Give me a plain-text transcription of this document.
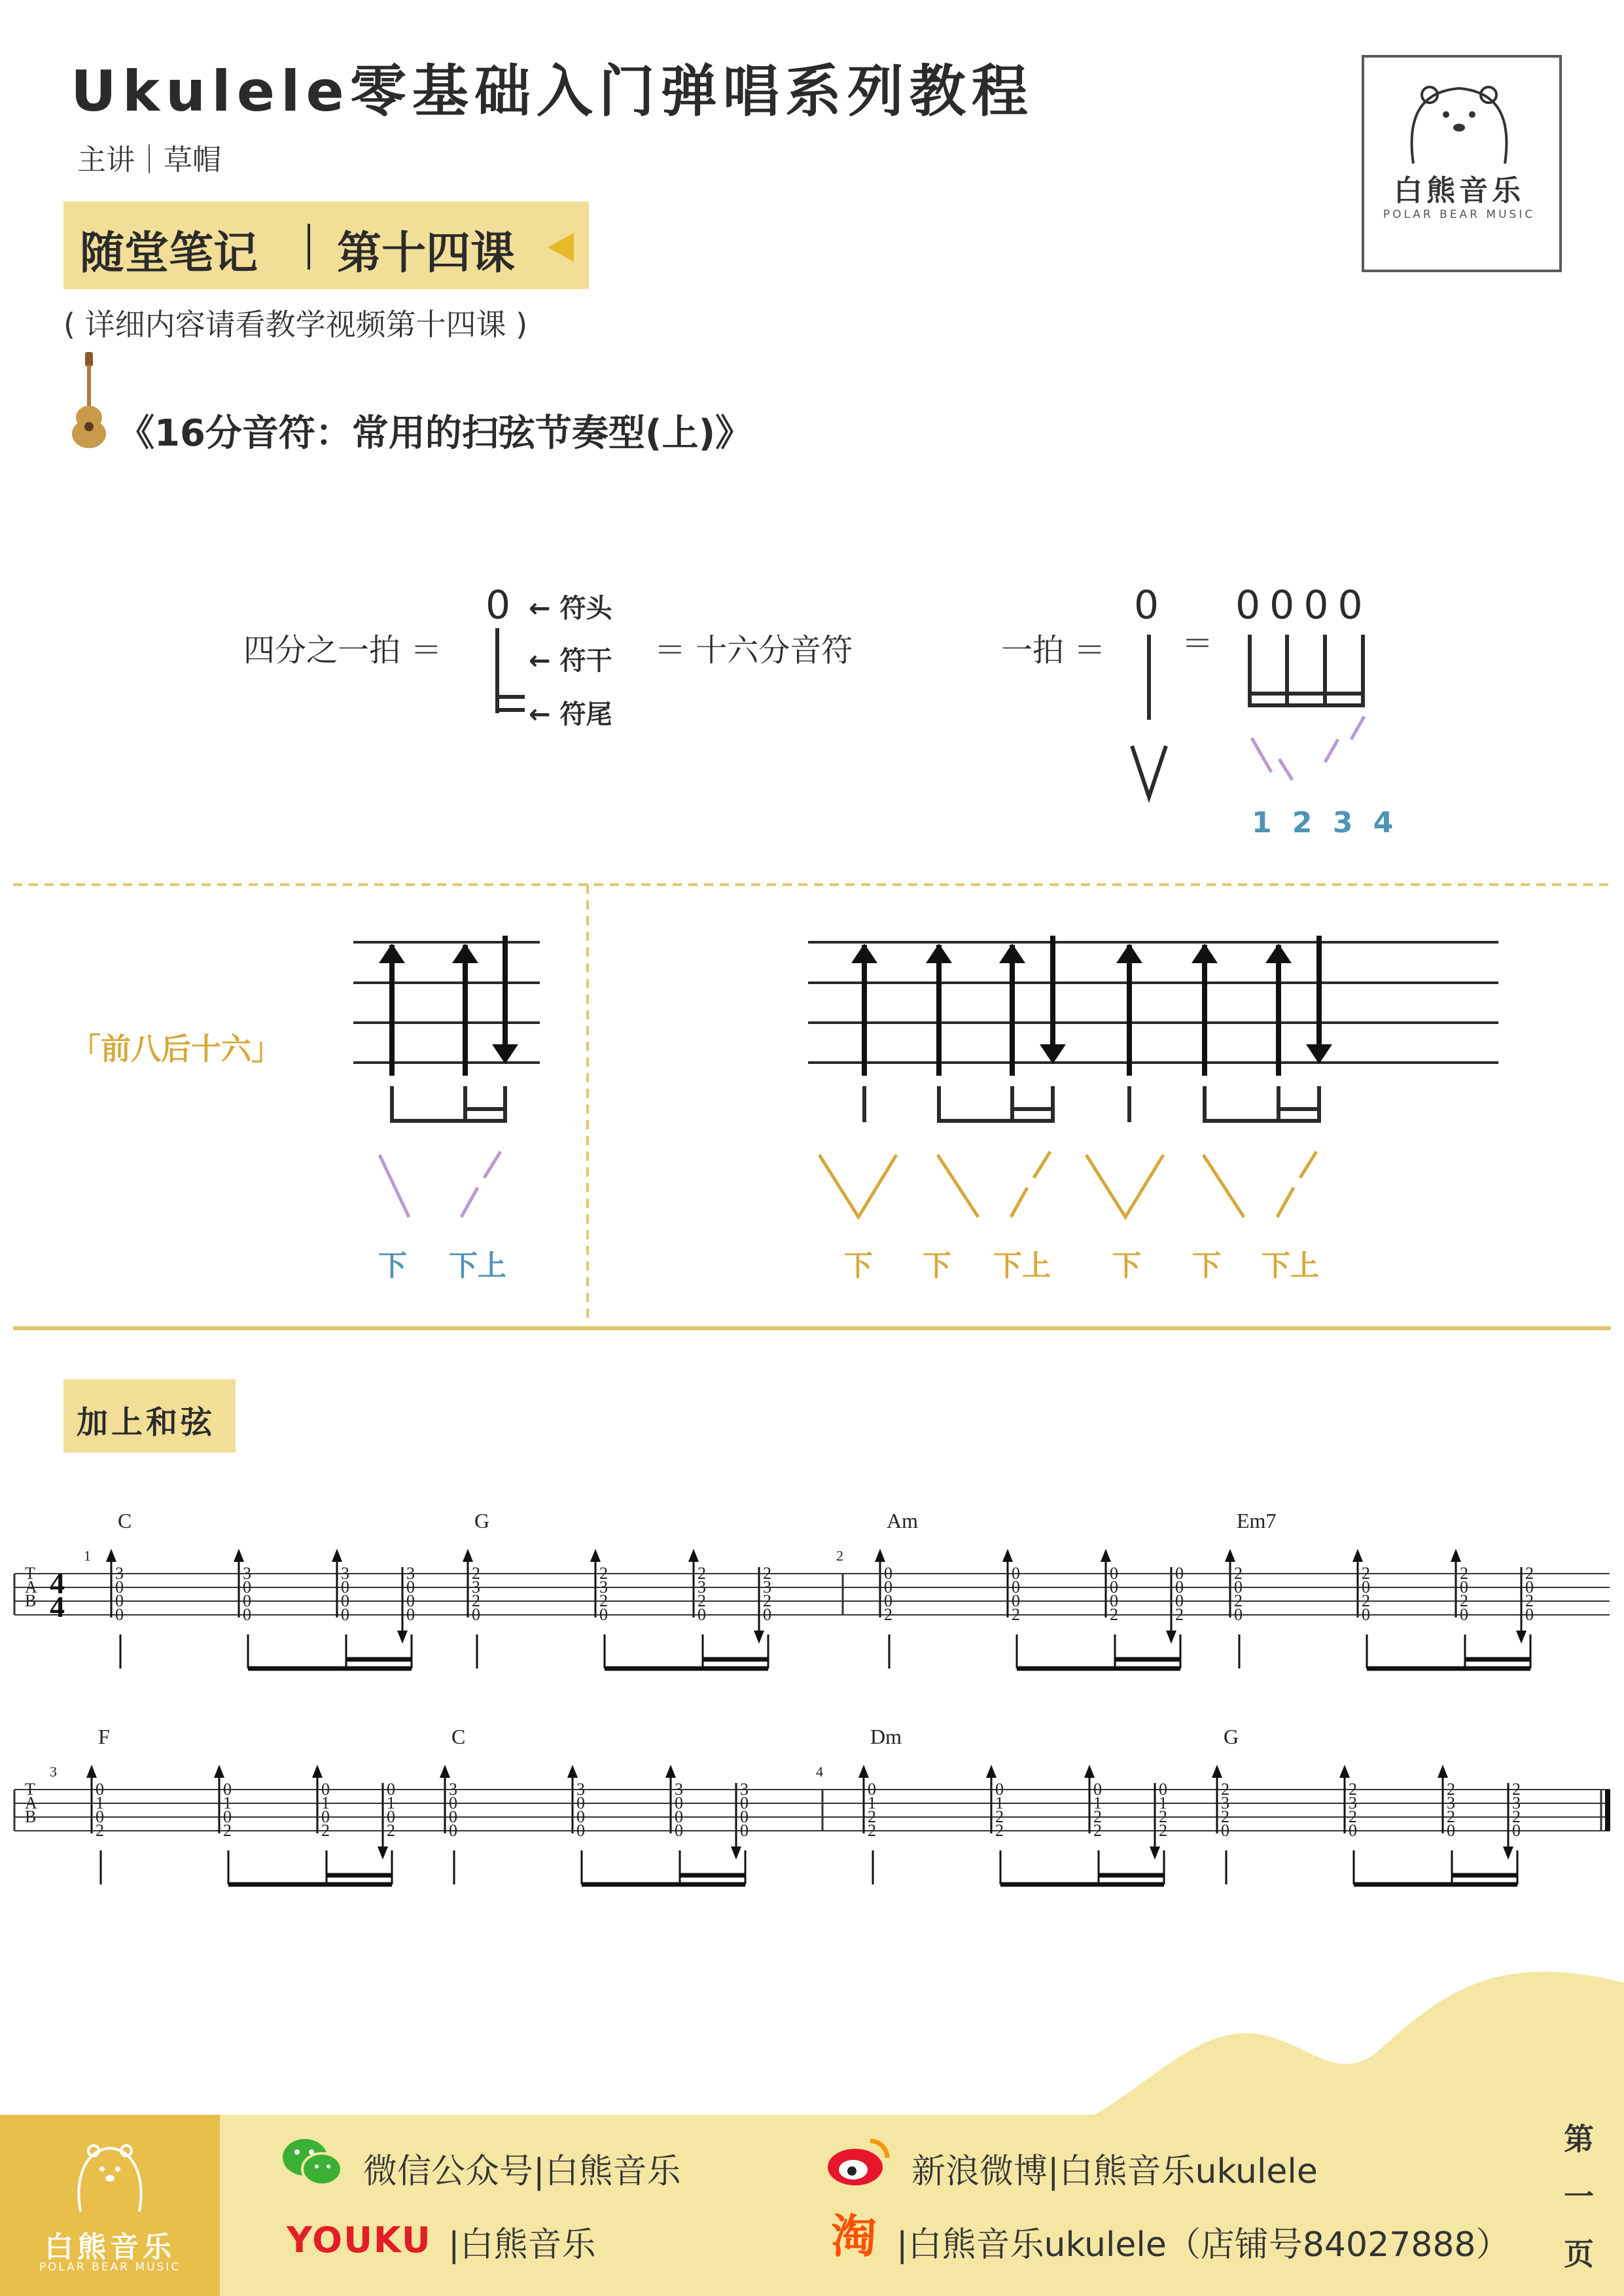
Ukulele零基础入门弹唱系列教程
主讲｜草帽
随堂笔记 第十四课
( 详细内容请看教学视频第十四课 )
《16分音符：常用的扫弦节奏型(上)》
白熊音乐
POLAR BEAR MUSIC
四分之一拍 ＝
0 ← 符头
← 符干
← 符尾
＝ 十六分音符	一拍 ＝
0
＝
0000
1 2 3 4
「前八后十六」
下 下上	下 下 下上 下 下 下上
加上和弦
T
A
B
C
3
0
0
0
3
0
0
0
3
0
0
0
3
0
0
0
G
2
3
2
0
2
3
2
0
2
3
2
0
2
3
2
0
Am
0
0
0
2
0
0
0
2
0
0
0
2
0
0
0
2
Em7
2
0
2
0
2
0
2
0
2
0
2
0
2
0
2
0
T
A
B
F
0
1
0
2
0
1
0
2
0
1
0
2
0
1
0
2
C
3
0
0
0
3
0
0
0
3
0
0
0
3
0
0
0
Dm
0
1
2
2
0
1
2
2
0
1
2
2
0
1
2
2
G
2
3
2
0
2
3
2
0
2
3
2
0
2
3
2
0
4
4
1	2
3	4
白熊音乐
POLAR BEAR MUSIC
微信公众号|白熊音乐	新浪微博|白熊音乐ukulele
YOUKU |白熊音乐	淘 |白熊音乐ukulele（店铺号84027888）
第
一
页
